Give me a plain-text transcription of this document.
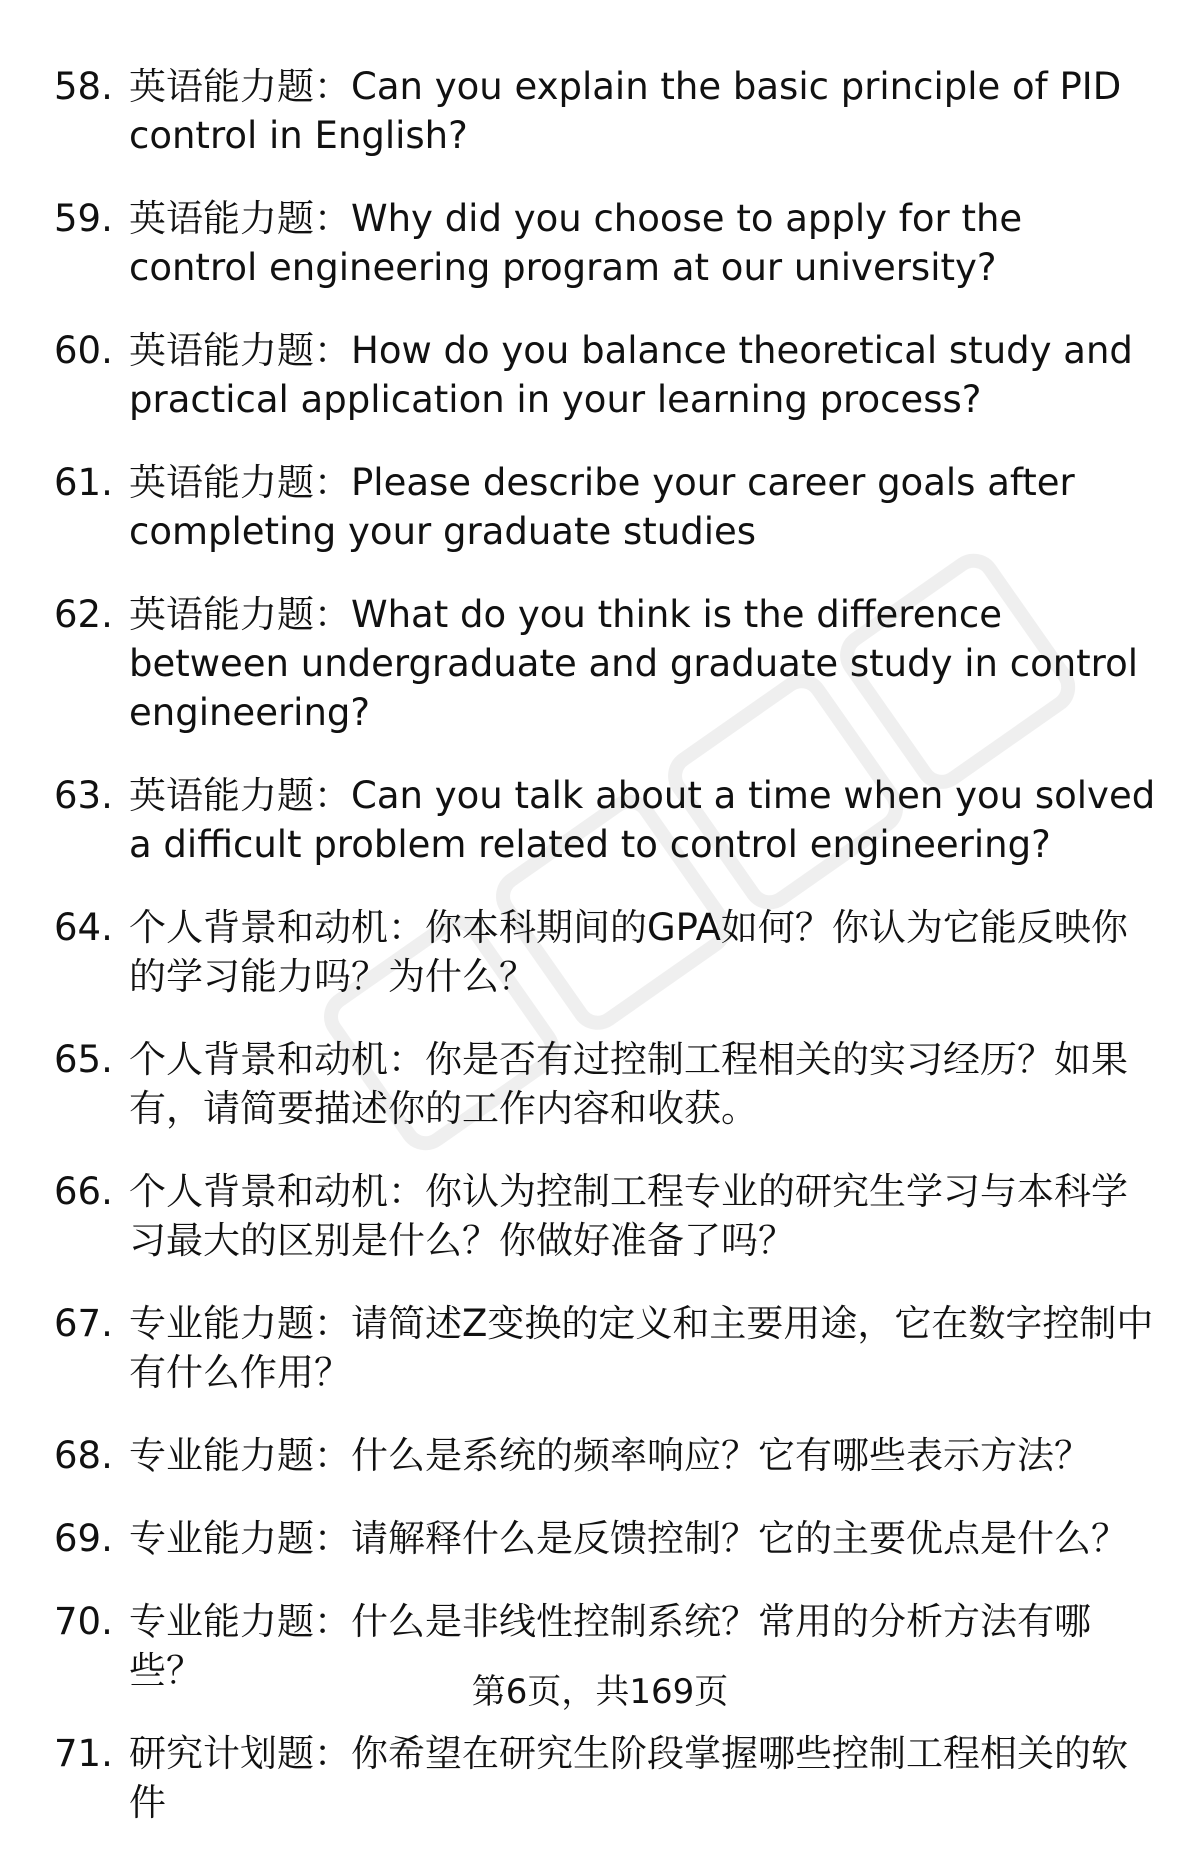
58. 英语能力题：Can you explain the basic principle of PID control in English?
59. 英语能力题：Why did you choose to apply for the control engineering program at our university?
60. 英语能力题：How do you balance theoretical study and practical application in your learning process?
61. 英语能力题：Please describe your career goals after completing your graduate studies
62. 英语能力题：What do you think is the difference between undergraduate and graduate study in control engineering?
63. 英语能力题：Can you talk about a time when you solved a difficult problem related to control engineering?
64. 个人背景和动机：你本科期间的GPA如何？你认为它能反映你的学习能力吗？为什么？
65. 个人背景和动机：你是否有过控制工程相关的实习经历？如果有，请简要描述你的工作内容和收获。
66. 个人背景和动机：你认为控制工程专业的研究生学习与本科学习最大的区别是什么？你做好准备了吗？
67. 专业能力题：请简述Z变换的定义和主要用途，它在数字控制中有什么作用？
68. 专业能力题：什么是系统的频率响应？它有哪些表示方法？
69. 专业能力题：请解释什么是反馈控制？它的主要优点是什么？
70. 专业能力题：什么是非线性控制系统？常用的分析方法有哪些？
71. 研究计划题：你希望在研究生阶段掌握哪些控制工程相关的软件
第6页，共169页
